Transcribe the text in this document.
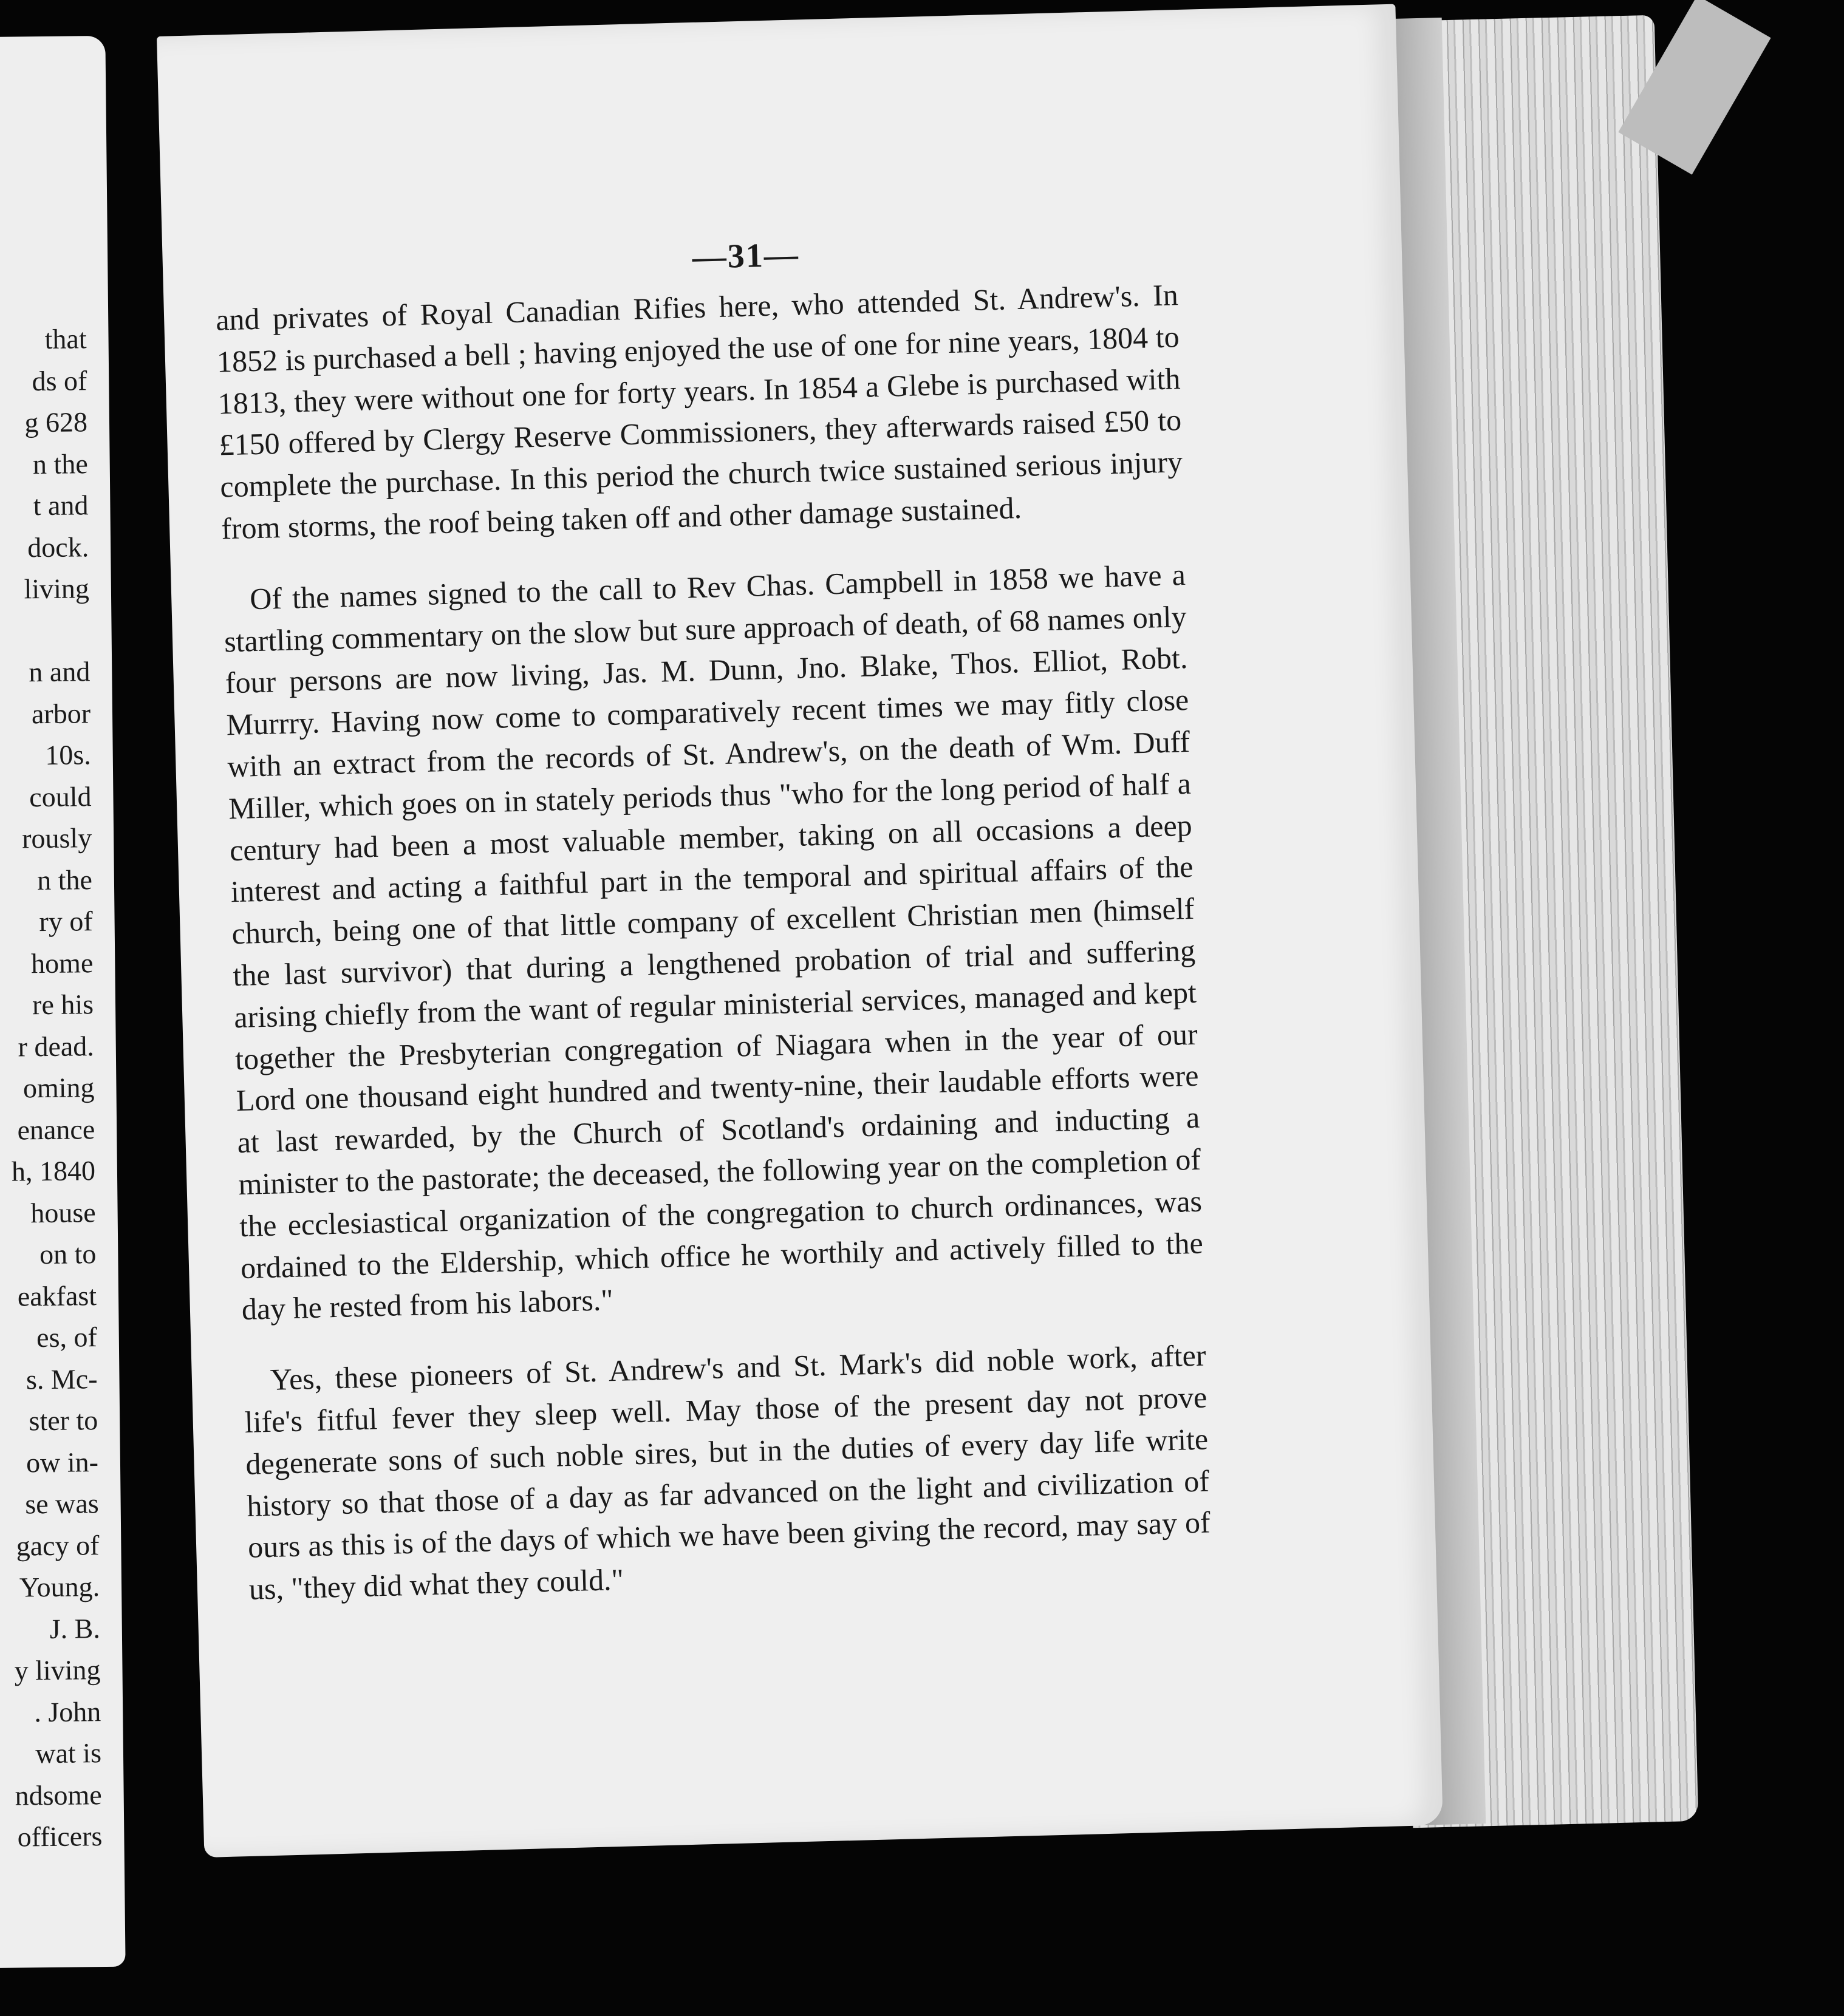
that
ds of
g 628
n the
t and
dock.
living
n and
arbor
10s.
could
rously
n the
ry of
home
re his
r dead.
oming
enance
h, 1840
house
on to
eakfast
es, of
s. Mc-
ster to
ow in-
se was
gacy of
Young.
J. B.
y living
. John
wat is
ndsome
officers
—31—

and privates of Royal Canadian Rifies here, who attended St. Andrew's. In 1852 is purchased a bell ; having enjoyed the use of one for nine years, 1804 to 1813, they were without one for forty years. In 1854 a Glebe is purchased with £150 offered by Clergy Reserve Commissioners, they afterwards raised £50 to complete the purchase. In this period the church twice sustained serious injury from storms, the roof being taken off and other damage sustained.

Of the names signed to the call to Rev Chas. Campbell in 1858 we have a startling commentary on the slow but sure approach of death, of 68 names only four persons are now living, Jas. M. Dunn, Jno. Blake, Thos. Elliot, Robt. Murrry. Having now come to comparatively recent times we may fitly close with an extract from the records of St. Andrew's, on the death of Wm. Duff Miller, which goes on in stately periods thus "who for the long period of half a century had been a most valuable member, taking on all occasions a deep interest and acting a faithful part in the temporal and spiritual affairs of the church, being one of that little company of excellent Christian men (himself the last survivor) that during a lengthened probation of trial and suffering arising chiefly from the want of regular ministerial services, managed and kept together the Presbyterian congregation of Niagara when in the year of our Lord one thousand eight hundred and twenty-nine, their laudable efforts were at last rewarded, by the Church of Scotland's ordaining and inducting a minister to the pastorate; the deceased, the following year on the completion of the ecclesiastical organization of the congregation to church ordinances, was ordained to the Eldership, which office he worthily and actively filled to the day he rested from his labors."

Yes, these pioneers of St. Andrew's and St. Mark's did noble work, after life's fitful fever they sleep well. May those of the present day not prove degenerate sons of such noble sires, but in the duties of every day life write history so that those of a day as far advanced on the light and civilization of ours as this is of the days of which we have been giving the record, may say of us, "they did what they could."
